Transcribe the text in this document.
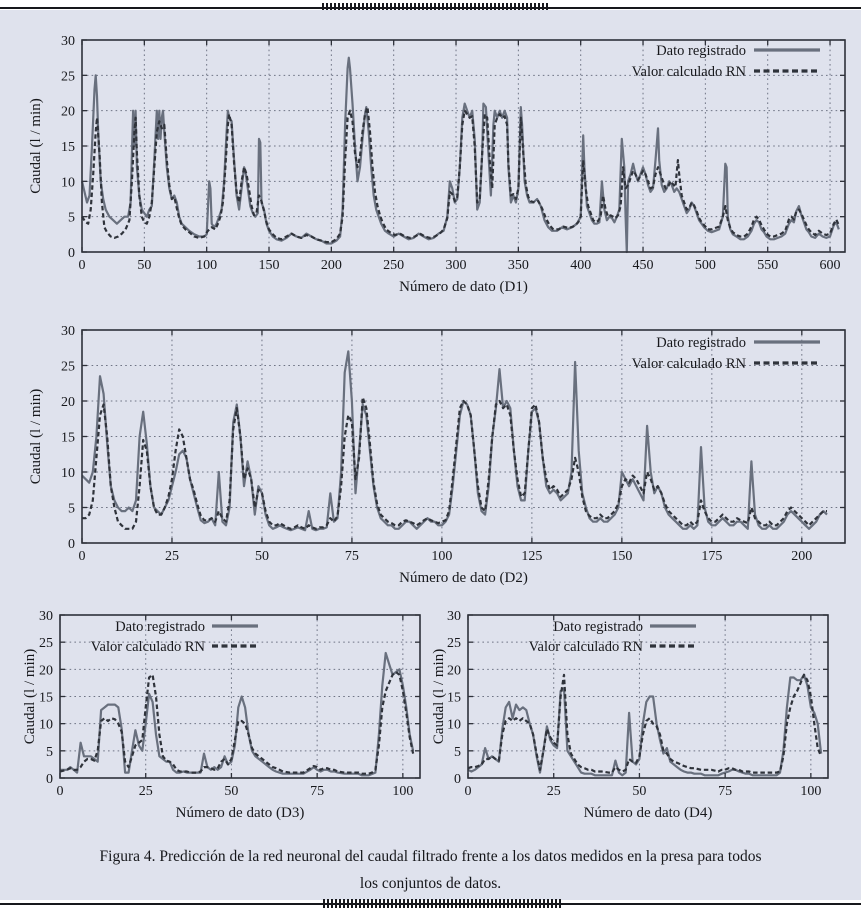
0	50	100	150	200	250	300	350	400	450	500	550	600
0
5
10
15
20
25
30
Número de dato (D1)
Caudal (l / min)
Dato registrado
Valor calculado RN
0	25	50	75	100	125	150	175	200
0
5
10
15
20
25
30
Número de dato (D2)
Caudal (l / min)
Dato registrado
Valor calculado RN
0	25	50	75	100
0
5
10
15
20
25
30
Número de dato (D3)
Caudal (l / min)
Dato registrado
Valor calculado RN
0	25	50	75	100
0
5
10
15
20
25
30
Número de dato (D4)
Caudal (l / min)
Dato registrado
Valor calculado RN
Figura 4. Predicción de la red neuronal del caudal filtrado frente a los datos medidos en la presa para todos
los conjuntos de datos.
